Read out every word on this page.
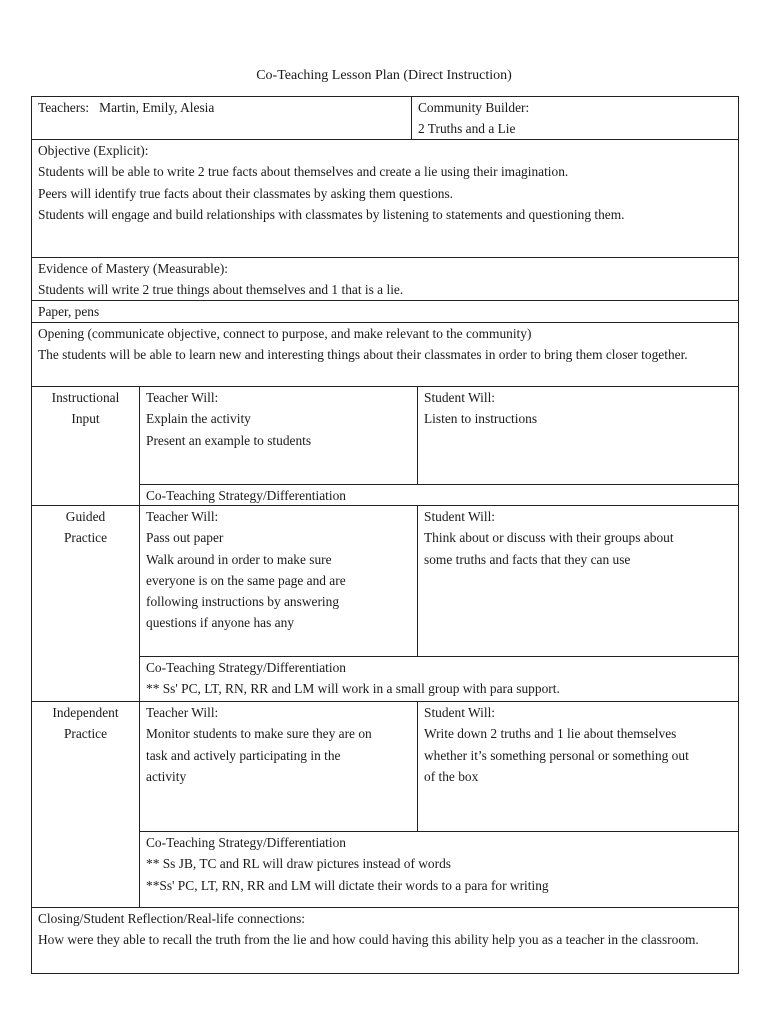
Co-Teaching Lesson Plan (Direct Instruction)
Teachers: Martin, Emily, Alesia	Community Builder:
2 Truths and a Lie
Objective (Explicit):
Students will be able to write 2 true facts about themselves and create a lie using their imagination.
Peers will identify true facts about their classmates by asking them questions.
Students will engage and build relationships with classmates by listening to statements and questioning them.
Evidence of Mastery (Measurable):
Students will write 2 true things about themselves and 1 that is a lie.
Paper, pens
Opening (communicate objective, connect to purpose, and make relevant to the community)
The students will be able to learn new and interesting things about their classmates in order to bring them closer together.
Instructional
Input
Teacher Will:
Explain the activity
Present an example to students
Student Will:
Listen to instructions
Co-Teaching Strategy/Differentiation
Guided
Practice
Teacher Will:
Pass out paper
Walk around in order to make sure
everyone is on the same page and are
following instructions by answering
questions if anyone has any
Student Will:
Think about or discuss with their groups about
some truths and facts that they can use
Co-Teaching Strategy/Differentiation
** Ss' PC, LT, RN, RR and LM will work in a small group with para support.
Independent
Practice
Teacher Will:
Monitor students to make sure they are on
task and actively participating in the
activity
Student Will:
Write down 2 truths and 1 lie about themselves
whether it’s something personal or something out
of the box
Co-Teaching Strategy/Differentiation
** Ss JB, TC and RL will draw pictures instead of words
**Ss' PC, LT, RN, RR and LM will dictate their words to a para for writing
Closing/Student Reflection/Real-life connections:
How were they able to recall the truth from the lie and how could having this ability help you as a teacher in the classroom.
